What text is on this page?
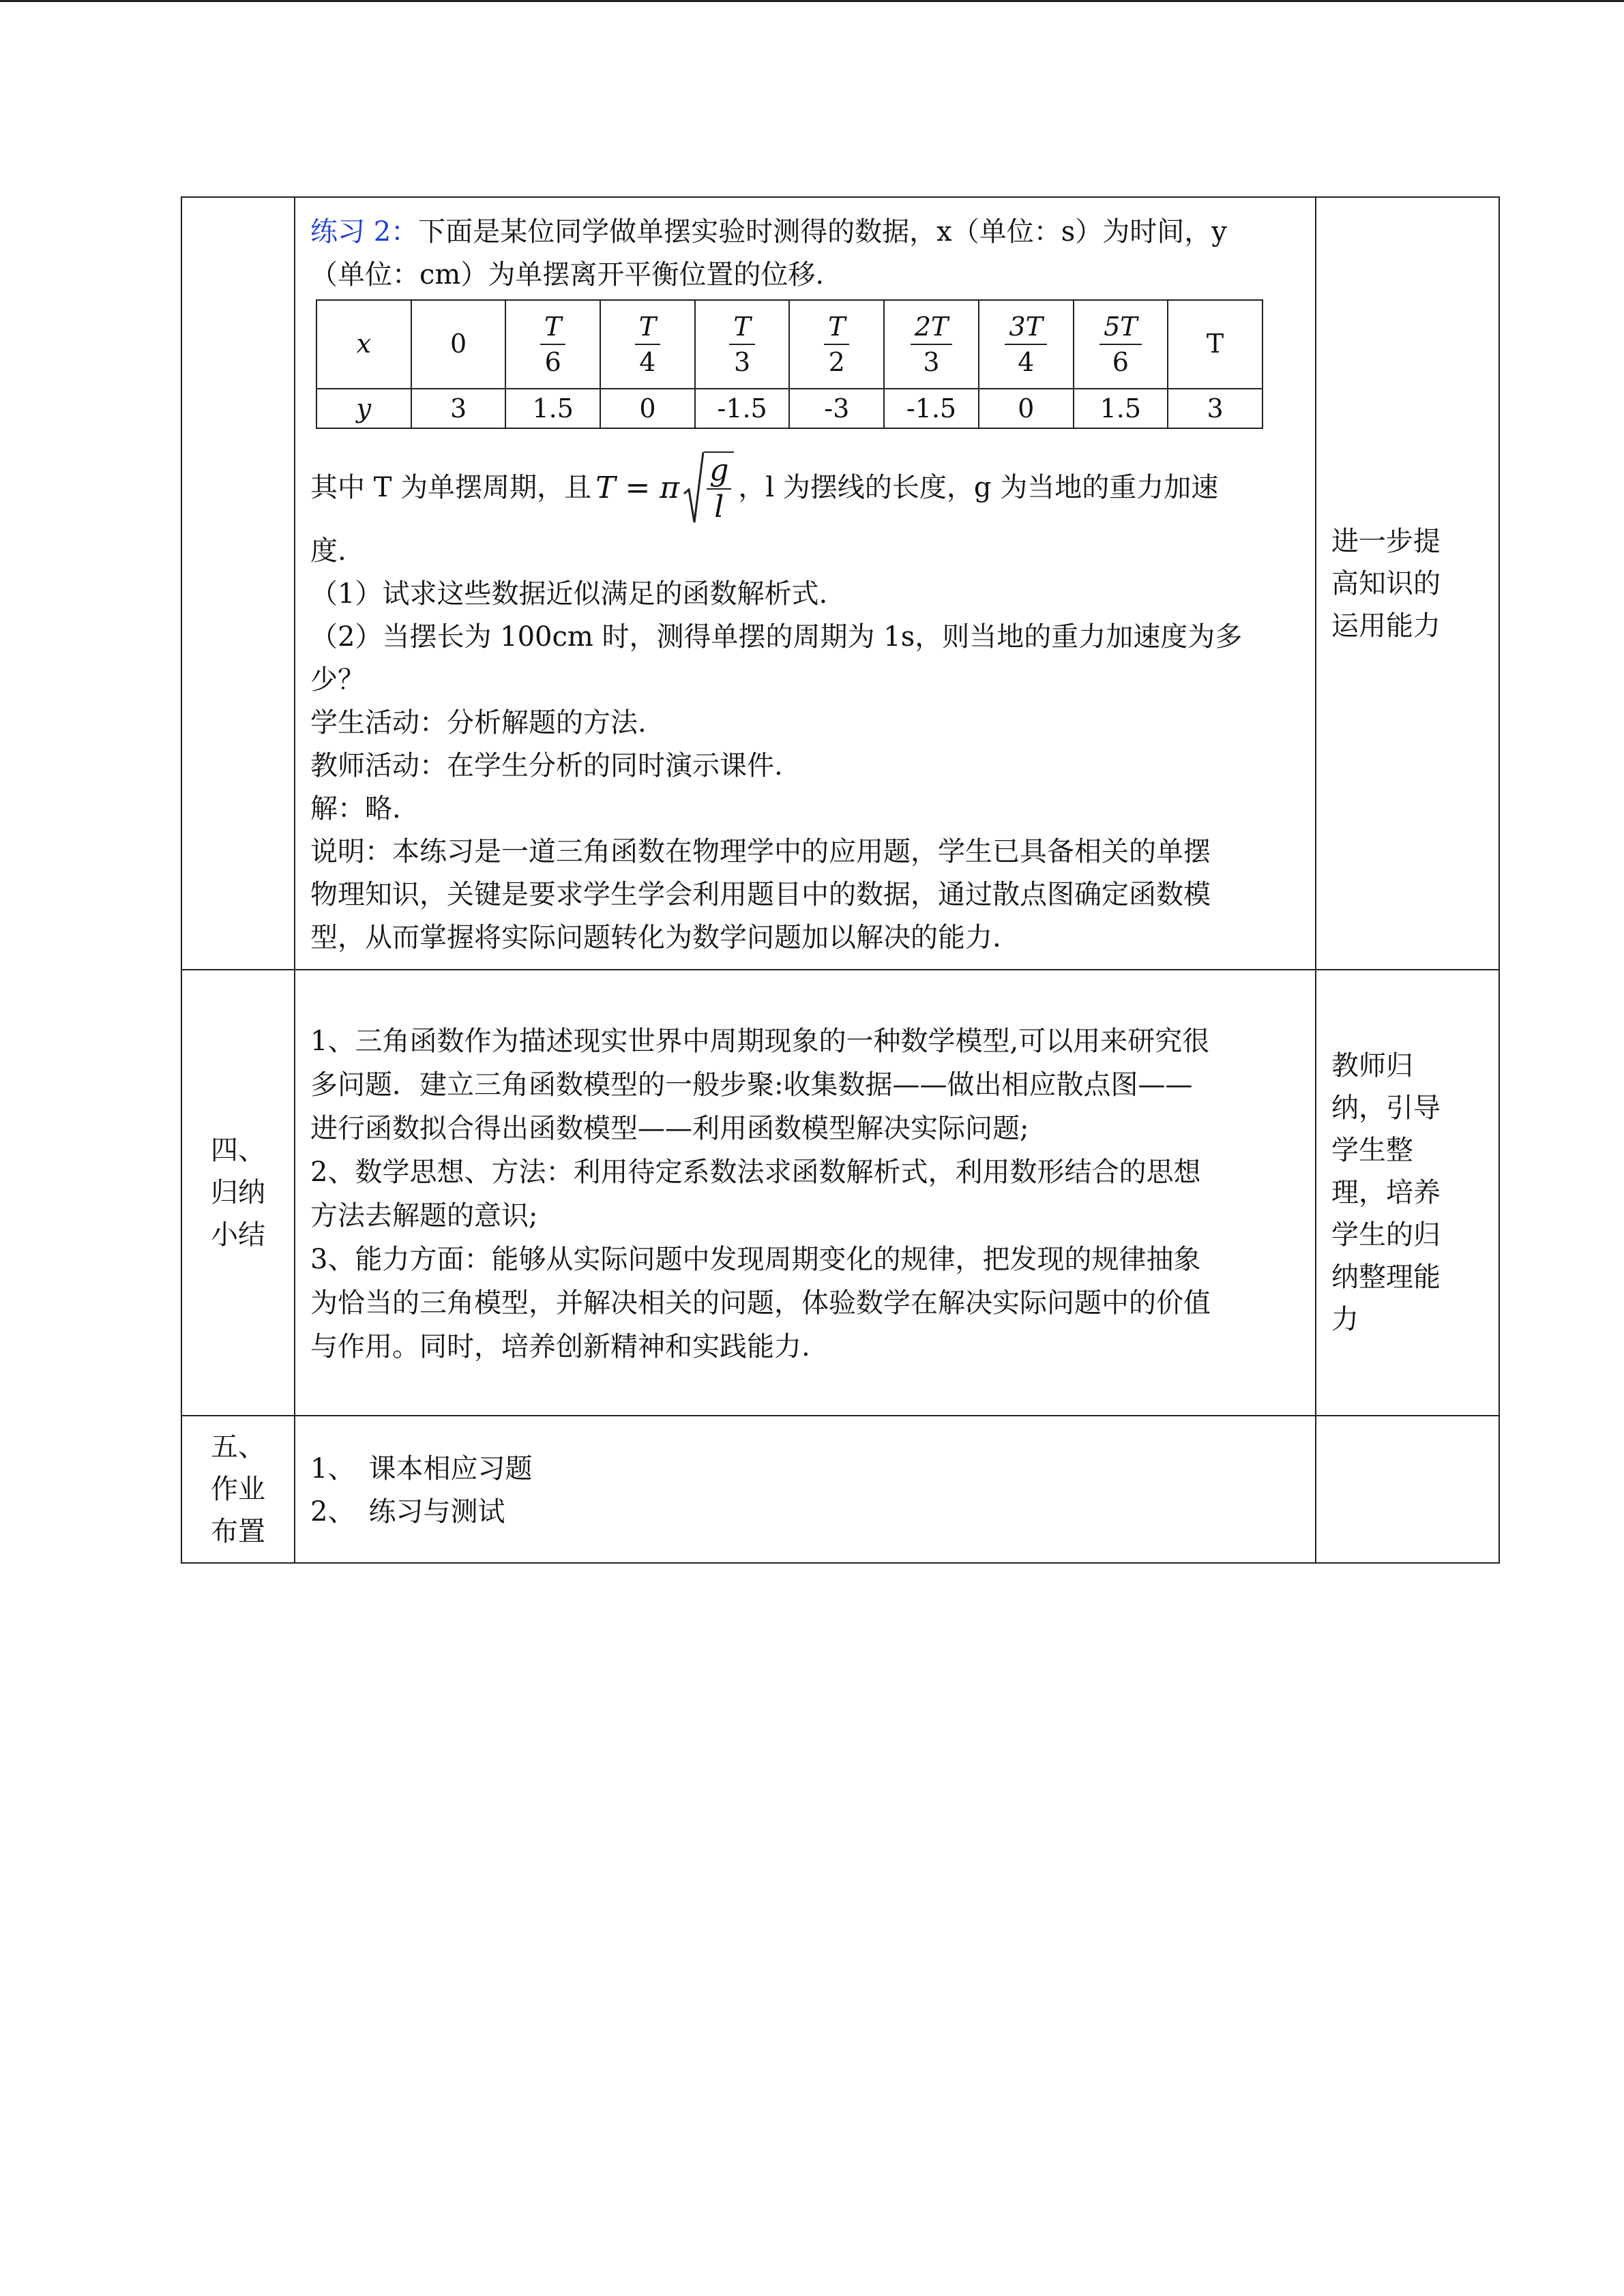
练习 2：下面是某位同学做单摆实验时测得的数据，x（单位：s）为时间，y
（单位：cm）为单摆离开平衡位置的位移.
x	0	$\frac{T}{6}$	$\frac{T}{4}$	$\frac{T}{3}$	$\frac{T}{2}$	$\frac{2T}{3}$	$\frac{3T}{4}$	$\frac{5T}{6}$	T
y	3	1.5	0	-1.5	-3	-1.5	0	1.5	3
其中 T 为单摆周期，且 T = π $\frac{g}{l}$ ，l 为摆线的长度，g 为当地的重力加速
度.
（1）试求这些数据近似满足的函数解析式.
（2）当摆长为 100cm 时，测得单摆的周期为 1s，则当地的重力加速度为多
少？
学生活动：分析解题的方法.
教师活动：在学生分析的同时演示课件.
解：略.
说明：本练习是一道三角函数在物理学中的应用题，学生已具备相关的单摆
物理知识，关键是要求学生学会利用题目中的数据，通过散点图确定函数模
型，从而掌握将实际问题转化为数学问题加以解决的能力.

进一步提
高知识的
运用能力

四、
归纳
小结

1、三角函数作为描述现实世界中周期现象的一种数学模型,可以用来研究很
多问题．建立三角函数模型的一般步聚:收集数据——做出相应散点图——
进行函数拟合得出函数模型——利用函数模型解决实际问题;
2、数学思想、方法：利用待定系数法求函数解析式，利用数形结合的思想
方法去解题的意识;
3、能力方面：能够从实际问题中发现周期变化的规律，把发现的规律抽象
为恰当的三角模型，并解决相关的问题，体验数学在解决实际问题中的价值
与作用。同时，培养创新精神和实践能力.

教师归
纳，引导
学生整
理，培养
学生的归
纳整理能
力

五、
作业
布置

1、　课本相应习题
2、　练习与测试
